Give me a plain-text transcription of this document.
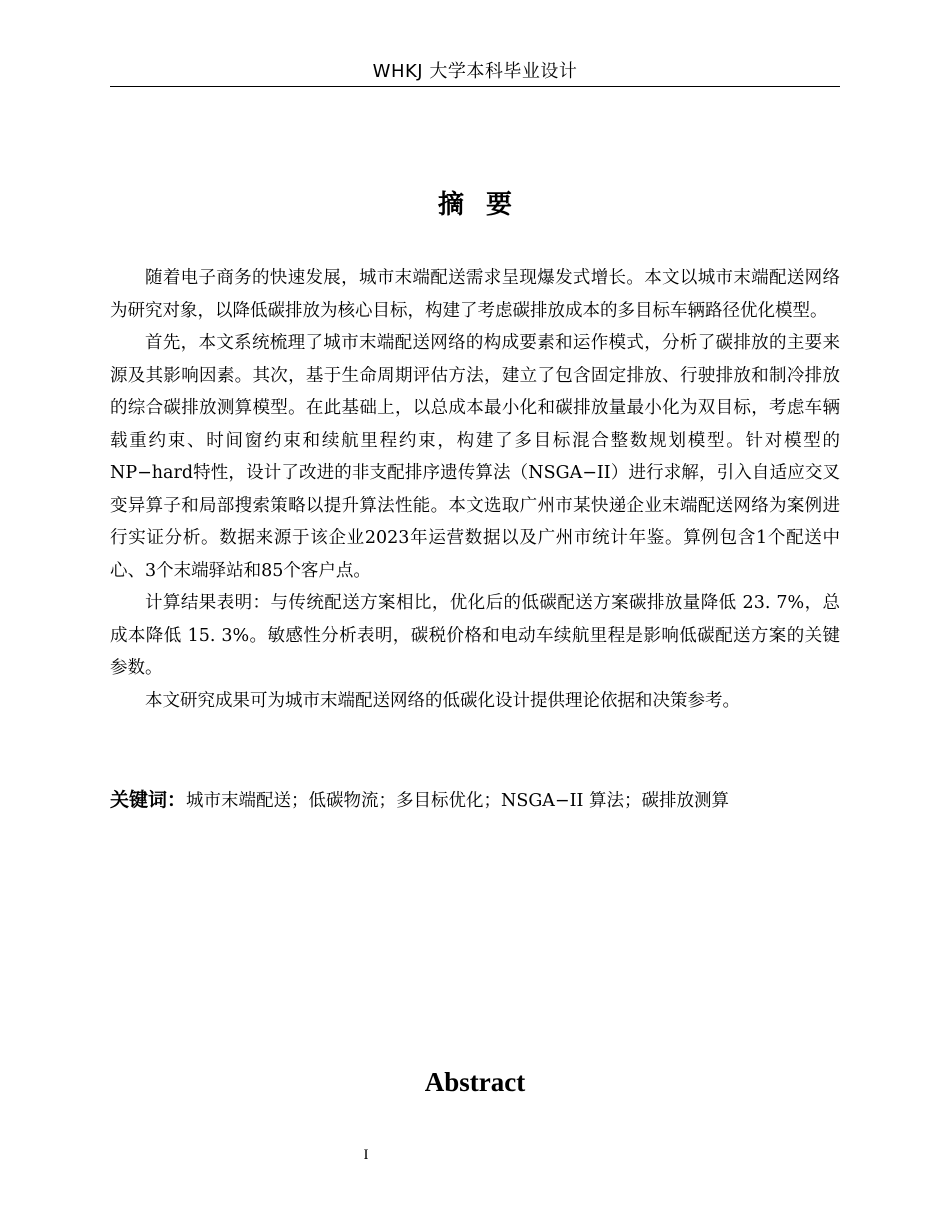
WHKJ 大学本科毕业设计
摘要

随着电子商务的快速发展，城市末端配送需求呈现爆发式增长。本文以城市末端配送网络为研究对象，以降低碳排放为核心目标，构建了考虑碳排放成本的多目标车辆路径优化模型。

首先，本文系统梳理了城市末端配送网络的构成要素和运作模式，分析了碳排放的主要来源及其影响因素。其次，基于生命周期评估方法，建立了包含固定排放、行驶排放和制冷排放的综合碳排放测算模型。在此基础上，以总成本最小化和碳排放量最小化为双目标，考虑车辆载重约束、时间窗约束和续航里程约束，构建了多目标混合整数规划模型。针对模型的NP−hard特性，设计了改进的非支配排序遗传算法（NSGA−II）进行求解，引入自适应交叉变异算子和局部搜索策略以提升算法性能。本文选取广州市某快递企业末端配送网络为案例进行实证分析。数据来源于该企业2023年运营数据以及广州市统计年鉴。算例包含1个配送中心、3个末端驿站和85个客户点。

计算结果表明：与传统配送方案相比，优化后的低碳配送方案碳排放量降低 23. 7%，总成本降低 15. 3%。敏感性分析表明，碳税价格和电动车续航里程是影响低碳配送方案的关键参数。

本文研究成果可为城市末端配送网络的低碳化设计提供理论依据和决策参考。

关键词：城市末端配送；低碳物流；多目标优化；NSGA−II 算法；碳排放测算
Abstract
I
